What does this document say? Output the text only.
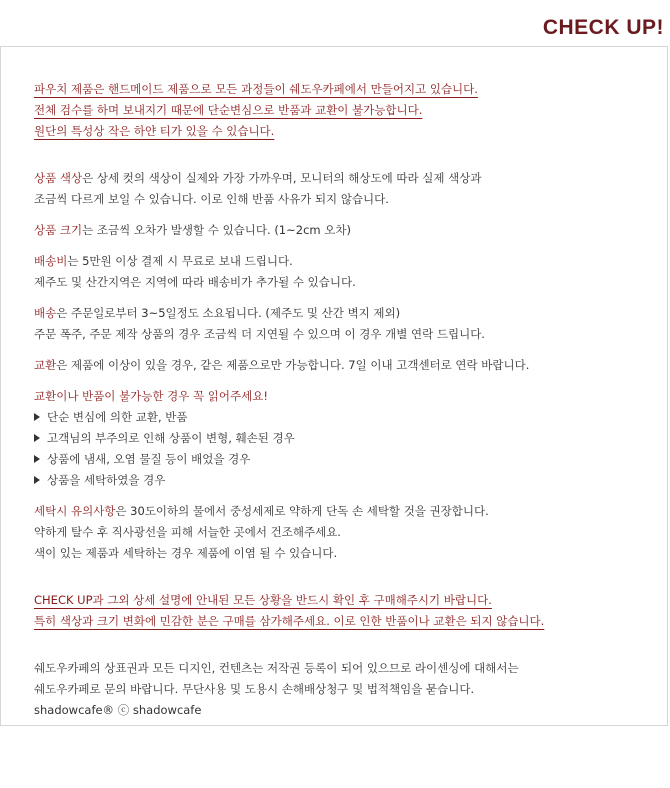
CHECK UP!
파우치 제품은 핸드메이드 제품으로 모든 과정들이 쉐도우카페에서 만들어지고 있습니다.
전체 검수를 하며 보내지기 때문에 단순변심으로 반품과 교환이 불가능합니다.
원단의 특성상 작은 하얀 티가 있을 수 있습니다.
상품 색상은 상세 컷의 색상이 실제와 가장 가까우며, 모니터의 해상도에 따라 실제 색상과
조금씩 다르게 보일 수 있습니다. 이로 인해 반품 사유가 되지 않습니다.
상품 크기는 조금씩 오차가 발생할 수 있습니다. (1~2cm 오차)
배송비는 5만원 이상 결제 시 무료로 보내 드립니다.
제주도 및 산간지역은 지역에 따라 배송비가 추가될 수 있습니다.
배송은 주문일로부터 3~5일정도 소요됩니다. (제주도 및 산간 벽지 제외)
주문 폭주, 주문 제작 상품의 경우 조금씩 더 지연될 수 있으며 이 경우 개별 연락 드립니다.
교환은 제품에 이상이 있을 경우, 같은 제품으로만 가능합니다. 7일 이내 고객센터로 연락 바랍니다.
교환이나 반품이 불가능한 경우 꼭 읽어주세요!
단순 변심에 의한 교환, 반품
고객님의 부주의로 인해 상품이 변형, 훼손된 경우
상품에 냄새, 오염 물질 등이 배었을 경우
상품을 세탁하였을 경우
세탁시 유의사항은 30도이하의 물에서 중성세제로 약하게 단독 손 세탁할 것을 권장합니다.
약하게 탈수 후 직사광선을 피해 서늘한 곳에서 건조해주세요.
색이 있는 제품과 세탁하는 경우 제품에 이염 될 수 있습니다.
CHECK UP과 그외 상세 설명에 안내된 모든 상황을 반드시 확인 후 구매해주시기 바랍니다.
특히 색상과 크기 변화에 민감한 분은 구매를 삼가해주세요. 이로 인한 반품이나 교환은 되지 않습니다.
쉐도우카페의 상표권과 모든 디지인, 컨텐츠는 저작권 등록이 되어 있으므로 라이센싱에 대해서는
쉐도우카페로 문의 바랍니다. 무단사용 및 도용시 손해배상청구 및 법적책임을 묻습니다.
shadowcafe® ⓒ shadowcafe
